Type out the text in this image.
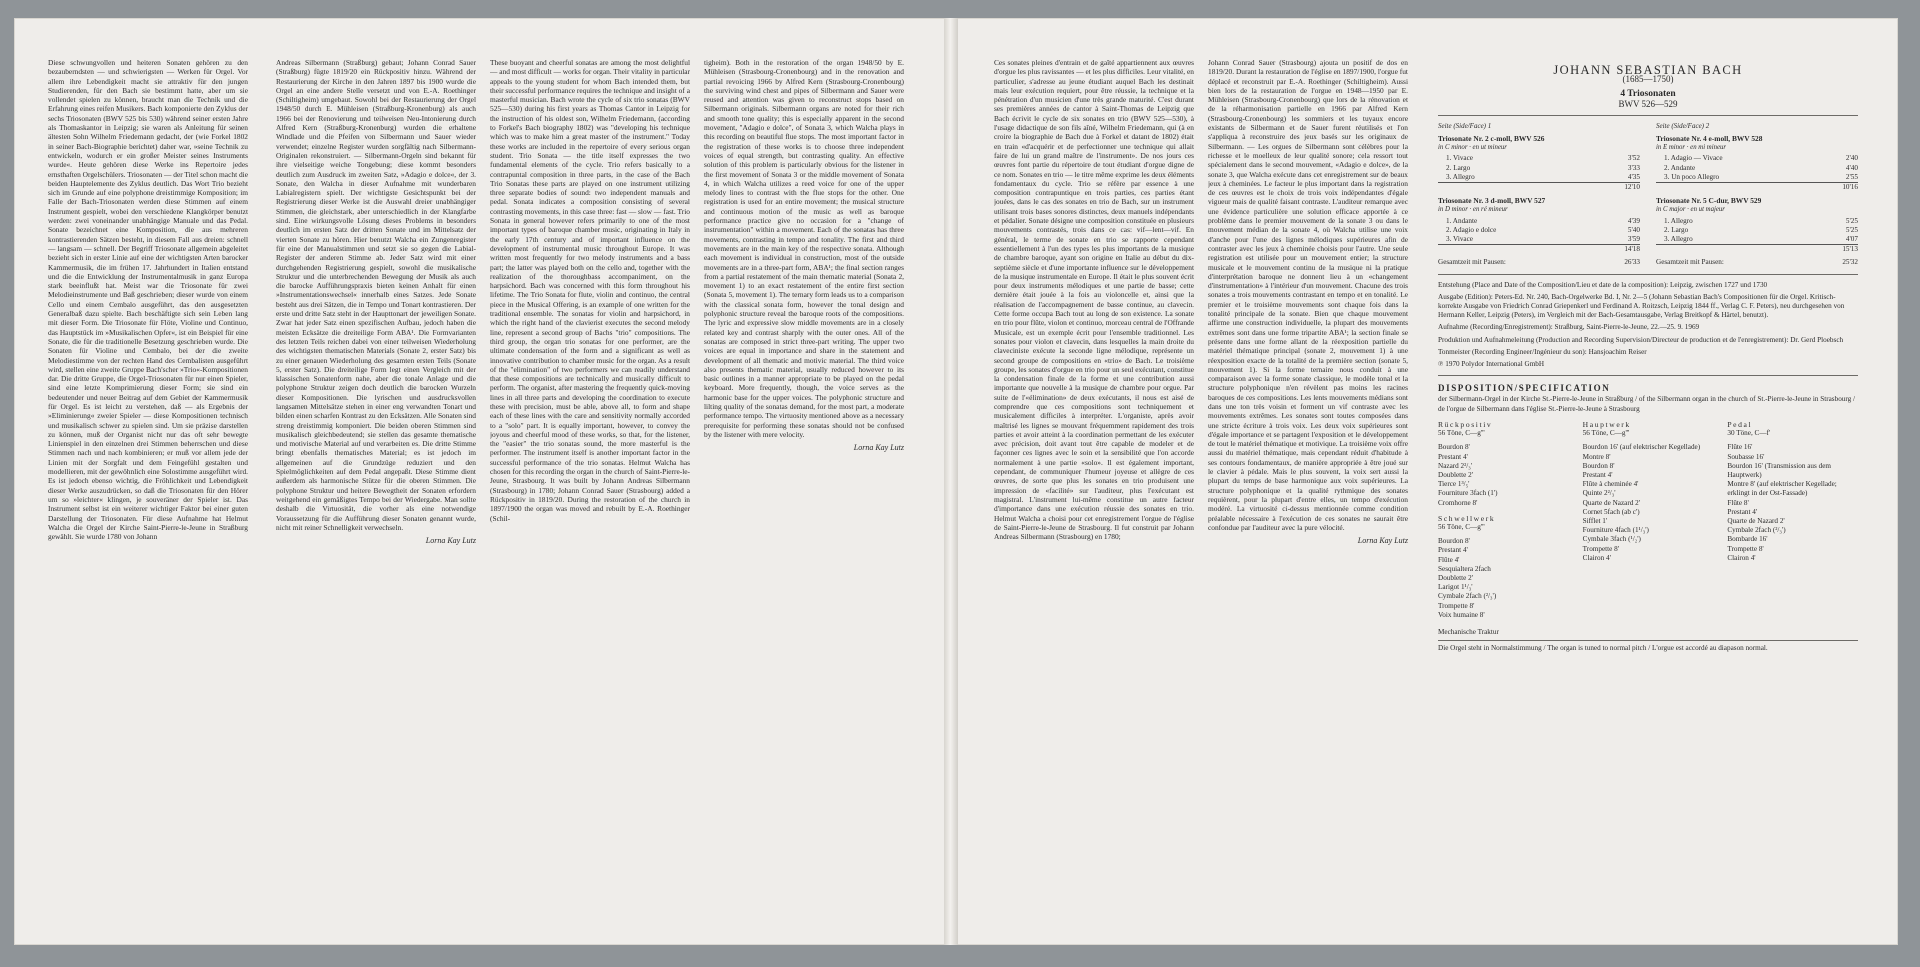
Diese schwungvollen und heiteren Sonaten gehören zu den bezauberndsten — und schwierigsten — Werken für Orgel. Vor allem ihre Lebendigkeit macht sie attraktiv für den jungen Studierenden, für den Bach sie bestimmt hatte, aber um sie vollendet spielen zu können, braucht man die Technik und die Erfahrung eines reifen Musikers. Bach komponierte den Zyklus der sechs Triosonaten (BWV 525 bis 530) während seiner ersten Jahre als Thomaskantor in Leipzig; sie waren als Anleitung für seinen ältesten Sohn Wilhelm Friedemann gedacht, der (wie Forkel 1802 in seiner Bach-Biographie berichtet) daher war, »seine Technik zu entwickeln, wodurch er ein großer Meister seines Instruments wurde«. Heute gehören diese Werke ins Repertoire jedes ernsthaften Orgelschülers. Triosonaten — der Titel schon macht die beiden Hauptelemente des Zyklus deutlich. Das Wort Trio bezieht sich im Grunde auf eine polyphone dreistimmige Komposition; im Falle der Bach-Triosonaten werden diese Stimmen auf einem Instrument gespielt, wobei den verschiedene Klangkörper benutzt werden: zwei voneinander unabhängige Manuale und das Pedal. Sonate bezeichnet eine Komposition, die aus mehreren kontrastierenden Sätzen besteht, in diesem Fall aus dreien: schnell — langsam — schnell. Der Begriff Triosonate allgemein abgeleitet bezieht sich in erster Linie auf eine der wichtigsten Arten barocker Kammermusik, die im frühen 17. Jahrhundert in Italien entstand und die die Entwicklung der Instrumentalmusik in ganz Europa stark beeinflußt hat. Meist war die Triosonate für zwei Melodieinstrumente und Baß geschrieben; dieser wurde von einem Cello und einem Cembalo ausgeführt, das den ausgesetzten Generalbaß dazu spielte. Bach beschäftigte sich sein Leben lang mit dieser Form. Die Triosonate für Flöte, Violine und Continuo, das Hauptstück im »Musikalischen Opfer«, ist ein Beispiel für eine Sonate, die für die traditionelle Besetzung geschrieben wurde. Die Sonaten für Violine und Cembalo, bei der die zweite Melodiestimme von der rechten Hand des Cembalisten ausgeführt wird, stellen eine zweite Gruppe Bach'scher »Trio«-Kompositionen dar. Die dritte Gruppe, die Orgel-Triosonaten für nur einen Spieler, sind eine letzte Komprimierung dieser Form; sie sind ein bedeutender und neuer Beitrag auf dem Gebiet der Kammermusik für Orgel. Es ist leicht zu verstehen, daß — als Ergebnis der »Eliminierung« zweier Spieler — diese Kompositionen technisch und musikalisch schwer zu spielen sind. Um sie präzise darstellen zu können, muß der Organist nicht nur das oft sehr bewegte Linienspiel in den einzelnen drei Stimmen beherrschen und diese Stimmen nach und nach kombinieren; er muß vor allem jede der Linien mit der Sorgfalt und dem Feingefühl gestalten und modellieren, mit der gewöhnlich eine Solostimme ausgeführt wird. Es ist jedoch ebenso wichtig, die Fröhlichkeit und Lebendigkeit dieser Werke auszudrücken, so daß die Triosonaten für den Hörer um so »leichter« klingen, je souveräner der Spieler ist. Das Instrument selbst ist ein weiterer wichtiger Faktor bei einer guten Darstellung der Triosonaten. Für diese Aufnahme hat Helmut Walcha die Orgel der Kirche Saint-Pierre-le-Jeune in Straßburg gewählt. Sie wurde 1780 von Johann

Andreas Silbermann (Straßburg) gebaut; Johann Conrad Sauer (Straßburg) fügte 1819/20 ein Rückpositiv hinzu. Während der Restaurierung der Kirche in den Jahren 1897 bis 1900 wurde die Orgel an eine andere Stelle versetzt und von E.-A. Roethinger (Schiltigheim) umgebaut. Sowohl bei der Restaurierung der Orgel 1948/50 durch E. Mühleisen (Straßburg-Kronenburg) als auch 1966 bei der Renovierung und teilweisen Neu-Intonierung durch Alfred Kern (Straßburg-Kronenburg) wurden die erhaltene Windlade und die Pfeifen von Silbermann und Sauer wieder verwendet; einzelne Register wurden sorgfältig nach Silbermann-Originalen rekonstruiert. — Silbermann-Orgeln sind bekannt für ihre vielseitige weiche Tongebung; diese kommt besonders deutlich zum Ausdruck im zweiten Satz, »Adagio e dolce«, der 3. Sonate, den Walcha in dieser Aufnahme mit wunderbaren Labialregistern spielt. Der wichtigste Gesichtspunkt bei der Registrierung dieser Werke ist die Auswahl dreier unabhängiger Stimmen, die gleichstark, aber unterschiedlich in der Klangfarbe sind. Eine wirkungsvolle Lösung dieses Problems in besonders deutlich im ersten Satz der dritten Sonate und im Mittelsatz der vierten Sonate zu hören. Hier benutzt Walcha ein Zungenregister für eine der Manualstimmen und setzt sie so gegen die Labial-Register der anderen Stimme ab. Jeder Satz wird mit einer durchgehenden Registrierung gespielt, sowohl die musikalische Struktur und die unterbrechenden Bewegung der Musik als auch die barocke Aufführungspraxis bieten keinen Anhalt für einen »Instrumentationswechsel« innerhalb eines Satzes. Jede Sonate besteht aus drei Sätzen, die in Tempo und Tonart kontrastieren. Der erste und dritte Satz steht in der Haupttonart der jeweiligen Sonate. Zwar hat jeder Satz einen spezifischen Aufbau, jedoch haben die meisten Ecksätze die dreiteilige Form ABA¹. Die Formvarianten des letzten Teils reichen dabei von einer teilweisen Wiederholung des wichtigsten thematischen Materials (Sonate 2, erster Satz) bis zu einer genauen Wiederholung des gesamten ersten Teils (Sonate 5, erster Satz). Die dreiteilige Form legt einen Vergleich mit der klassischen Sonatenform nahe, aber die tonale Anlage und die polyphone Struktur zeigen doch deutlich die barocken Wurzeln dieser Kompositionen. Die lyrischen und ausdrucksvollen langsamen Mittelsätze stehen in einer eng verwandten Tonart und bilden einen scharfen Kontrast zu den Ecksätzen. Alle Sonaten sind streng dreistimmig komponiert. Die beiden oberen Stimmen sind musikalisch gleichbedeutend; sie stellen das gesamte thematische und motivische Material auf und verarbeiten es. Die dritte Stimme bringt ebenfalls thematisches Material; es ist jedoch im allgemeinen auf die Grundzüge reduziert und den Spielmöglichkeiten auf dem Pedal angepaßt. Diese Stimme dient außerdem als harmonische Stütze für die oberen Stimmen. Die polyphone Struktur und heitere Bewegtheit der Sonaten erfordern weitgehend ein gemäßigtes Tempo bei der Wiedergabe. Man sollte deshalb die Virtuosität, die vorher als eine notwendige Voraussetzung für die Aufführung dieser Sonaten genannt wurde, nicht mit reiner Schnelligkeit verwechseln.

Lorna Kay Lutz

These buoyant and cheerful sonatas are among the most delightful — and most difficult — works for organ. Their vitality in particular appeals to the young student for whom Bach intended them, but their successful performance requires the technique and insight of a masterful musician. Bach wrote the cycle of six trio sonatas (BWV 525—530) during his first years as Thomas Cantor in Leipzig for the instruction of his oldest son, Wilhelm Friedemann, (according to Forkel's Bach biography 1802) was "developing his technique which was to make him a great master of the instrument." Today these works are included in the repertoire of every serious organ student. Trio Sonata — the title itself expresses the two fundamental elements of the cycle. Trio refers basically to a contrapuntal composition in three parts, in the case of the Bach Trio Sonatas these parts are played on one instrument utilizing three separate bodies of sound: two independent manuals and pedal. Sonata indicates a composition consisting of several contrasting movements, in this case three: fast — slow — fast. Trio Sonata in general however refers primarily to one of the most important types of baroque chamber music, originating in Italy in the early 17th century and of important influence on the development of instrumental music throughout Europe. It was written most frequently for two melody instruments and a bass part; the latter was played both on the cello and, together with the realization of the thoroughbass accompaniment, on the harpsichord. Bach was concerned with this form throughout his lifetime. The Trio Sonata for flute, violin and continuo, the central piece in the Musical Offering, is an example of one written for the traditional ensemble. The sonatas for violin and harpsichord, in which the right hand of the clavierist executes the second melody line, represent a second group of Bachs "trio" compositions. The third group, the organ trio sonatas for one performer, are the ultimate condensation of the form and a significant as well as innovative contribution to chamber music for the organ. As a result of the "elimination" of two performers we can readily understand that these compositions are technically and musically difficult to perform. The organist, after mastering the frequently quick-moving lines in all three parts and developing the coordination to execute these with precision, must be able, above all, to form and shape each of these lines with the care and sensitivity normally accorded to a "solo" part. It is equally important, however, to convey the joyous and cheerful mood of these works, so that, for the listener, the "easier" the trio sonatas sound, the more masterful is the performer. The instrument itself is another important factor in the successful performance of the trio sonatas. Helmut Walcha has chosen for this recording the organ in the church of Saint-Pierre-le-Jeune, Strasbourg. It was built by Johann Andreas Silbermann (Strasbourg) in 1780; Johann Conrad Sauer (Strasbourg) added a Rückpositiv in 1819/20. During the restoration of the church in 1897/1900 the organ was moved and rebuilt by E.-A. Roethinger (Schil-

tigheim). Both in the restoration of the organ 1948/50 by E. Mühleisen (Strasbourg-Cronenbourg) and in the renovation and partial revoicing 1966 by Alfred Kern (Strasbourg-Cronenbourg) the surviving wind chest and pipes of Silbermann and Sauer were reused and attention was given to reconstruct stops based on Silbermann originals. Silbermann organs are noted for their rich and smooth tone quality; this is especially apparent in the second movement, "Adagio e dolce", of Sonata 3, which Walcha plays in this recording on beautiful flue stops. The most important factor in the registration of these works is to choose three independent voices of equal strength, but contrasting quality. An effective solution of this problem is particularly obvious for the listener in the first movement of Sonata 3 or the middle movement of Sonata 4, in which Walcha utilizes a reed voice for one of the upper melody lines to contrast with the flue stops for the other. One registration is used for an entire movement; the musical structure and continuous motion of the music as well as baroque performance practice give no occasion for a "change of instrumentation" within a movement. Each of the sonatas has three movements, contrasting in tempo and tonality. The first and third movements are in the main key of the respective sonata. Although each movement is individual in construction, most of the outside movements are in a three-part form, ABA¹; the final section ranges from a partial restatement of the main thematic material (Sonata 2, movement 1) to an exact restatement of the entire first section (Sonata 5, movement 1). The ternary form leads us to a comparison with the classical sonata form, however the tonal design and polyphonic structure reveal the baroque roots of the compositions. The lyric and expressive slow middle movements are in a closely related key and contrast sharply with the outer ones. All of the sonatas are composed in strict three-part writing. The upper two voices are equal in importance and share in the statement and development of all thematic and motivic material. The third voice also presents thematic material, usually reduced however to its basic outlines in a manner appropriate to be played on the pedal keyboard. More frequently, though, the voice serves as the harmonic base for the upper voices. The polyphonic structure and lilting quality of the sonatas demand, for the most part, a moderate performance tempo. The virtuosity mentioned above as a necessary prerequisite for performing these sonatas should not be confused by the listener with mere velocity.

Lorna Kay Lutz

Ces sonates pleines d'entrain et de gaîté appartiennent aux œuvres d'orgue les plus ravissantes — et les plus difficiles. Leur vitalité, en particulier, s'adresse au jeune étudiant auquel Bach les destinait mais leur exécution requiert, pour être réussie, la technique et la pénétration d'un musicien d'une très grande maturité. C'est durant ses premières années de cantor à Saint-Thomas de Leipzig que Bach écrivit le cycle de six sonates en trio (BWV 525—530), à l'usage didactique de son fils aîné, Wilhelm Friedemann, qui (à en croire la biographie de Bach due à Forkel et datant de 1802) était en train «d'acquérir et de perfectionner une technique qui allait faire de lui un grand maître de l'instrument». De nos jours ces œuvres font partie du répertoire de tout étudiant d'orgue digne de ce nom. Sonates en trio — le titre même exprime les deux éléments fondamentaux du cycle. Trio se réfère par essence à une composition contrapuntique en trois parties, ces parties étant jouées, dans le cas des sonates en trio de Bach, sur un instrument utilisant trois bases sonores distinctes, deux manuels indépendants et pédalier. Sonate désigne une composition constituée en plusieurs mouvements contrastés, trois dans ce cas: vif—lent—vif. En général, le terme de sonate en trio se rapporte cependant essentiellement à l'un des types les plus importants de la musique de chambre baroque, ayant son origine en Italie au début du dix-septième siècle et d'une importante influence sur le développement de la musique instrumentale en Europe. Il était le plus souvent écrit pour deux instruments mélodiques et une partie de basse; cette dernière était jouée à la fois au violoncelle et, ainsi que la réalisation de l'accompagnement de basse continue, au clavecin. Cette forme occupa Bach tout au long de son existence. La sonate en trio pour flûte, violon et continuo, morceau central de l'Offrande Musicale, est un exemple écrit pour l'ensemble traditionnel. Les sonates pour violon et clavecin, dans lesquelles la main droite du claveciniste exécute la seconde ligne mélodique, représente un second groupe de compositions en «trio» de Bach. Le troisième groupe, les sonates d'orgue en trio pour un seul exécutant, constitue la condensation finale de la forme et une contribution aussi importante que nouvelle à la musique de chambre pour orgue. Par suite de l'«élimination» de deux exécutants, il nous est aisé de comprendre que ces compositions sont techniquement et musicalement difficiles à interpréter. L'organiste, après avoir maîtrisé les lignes se mouvant fréquemment rapidement des trois parties et avoir atteint à la coordination permettant de les exécuter avec précision, doit avant tout être capable de modeler et de façonner ces lignes avec le soin et la sensibilité que l'on accorde normalement à une partie «solo». Il est également important, cependant, de communiquer l'humeur joyeuse et allègre de ces œuvres, de sorte que plus les sonates en trio produisent une impression de «facilité» sur l'auditeur, plus l'exécutant est magistral. L'instrument lui-même constitue un autre facteur d'importance dans une exécution réussie des sonates en trio. Helmut Walcha a choisi pour cet enregistrement l'orgue de l'église de Saint-Pierre-le-Jeune de Strasbourg. Il fut construit par Johann Andreas Silbermann (Strasbourg) en 1780;

Johann Conrad Sauer (Strasbourg) ajouta un positif de dos en 1819/20. Durant la restauration de l'église en 1897/1900, l'orgue fut déplacé et reconstruit par E.-A. Roethinger (Schiltigheim). Aussi bien lors de la restauration de l'orgue en 1948—1950 par E. Mühleisen (Strasbourg-Cronenbourg) que lors de la rénovation et de la réharmonisation partielle en 1966 par Alfred Kern (Strasbourg-Cronenbourg) les sommiers et les tuyaux encore existants de Silbermann et de Sauer furent réutilisés et l'on s'appliqua à reconstruire des jeux basés sur les originaux de Silbermann. — Les orgues de Silbermann sont célèbres pour la richesse et le moelleux de leur qualité sonore; cela ressort tout spécialement dans le second mouvement, «Adagio e dolce», de la sonate 3, que Walcha exécute dans cet enregistrement sur de beaux jeux à cheminées. Le facteur le plus important dans la registration de ces œuvres est le choix de trois voix indépendantes d'égale vigueur mais de qualité faisant contraste. L'auditeur remarque avec une évidence particulière une solution efficace apportée à ce problème dans le premier mouvement de la sonate 3 ou dans le mouvement médian de la sonate 4, où Walcha utilise une voix d'anche pour l'une des lignes mélodiques supérieures afin de contraster avec les jeux à cheminée choisis pour l'autre. Une seule registration est utilisée pour un mouvement entier; la structure musicale et le mouvement continu de la musique ni la pratique d'interprétation baroque ne donnent lieu à un «changement d'instrumentation» à l'intérieur d'un mouvement. Chacune des trois sonates a trois mouvements contrastant en tempo et en tonalité. Le premier et le troisième mouvements sont chaque fois dans la tonalité principale de la sonate. Bien que chaque mouvement affirme une construction individuelle, la plupart des mouvements extrêmes sont dans une forme tripartite ABA¹; la section finale se présente dans une forme allant de la réexposition partielle du matériel thématique principal (sonate 2, mouvement 1) à une réexposition exacte de la totalité de la première section (sonate 5, mouvement 1). Si la forme ternaire nous conduit à une comparaison avec la forme sonate classique, le modèle tonal et la structure polyphonique n'en révèlent pas moins les racines baroques de ces compositions. Les lents mouvements médians sont dans une ton très voisin et forment un vif contraste avec les mouvements extrêmes. Les sonates sont toutes composées dans une stricte écriture à trois voix. Les deux voix supérieures sont d'égale importance et se partagent l'exposition et le développement de tout le matériel thématique et motivique. La troisième voix offre aussi du matériel thématique, mais cependant réduit d'habitude à ses contours fondamentaux, de manière appropriée à être joué sur le clavier à pédale. Mais le plus souvent, la voix sert aussi la plupart du temps de base harmonique aux voix supérieures. La structure polyphonique et la qualité rythmique des sonates requièrent, pour la plupart d'entre elles, un tempo d'exécution modéré. La virtuosité ci-dessus mentionnée comme condition préalable nécessaire à l'exécution de ces sonates ne saurait être confondue par l'auditeur avec la pure vélocité.

Lorna Kay Lutz
JOHANN SEBASTIAN BACH
(1685—1750)
4 Triosonaten
BWV 526—529
Seite (Side/Face) 1
Triosonate Nr. 2 c-moll, BWV 526
in C minor · en ut mineur
1. Vivace	3'52
2. Largo	3'33
3. Allegro	4'35
12'10
Triosonate Nr. 3 d-moll, BWV 527
in D minor · en ré mineur
1. Andante	4'39
2. Adagio e dolce	5'40
3. Vivace	3'59
14'18
Gesamtzeit mit Pausen:	26'33
Seite (Side/Face) 2
Triosonate Nr. 4 e-moll, BWV 528
in E minor · en mi mineur
1. Adagio — Vivace	2'40
2. Andante	4'40
3. Un poco Allegro	2'55
10'16
Triosonate Nr. 5 C-dur, BWV 529
in C major · en ut majeur
1. Allegro	5'25
2. Largo	5'25
3. Allegro	4'07
15'13
Gesamtzeit mit Pausen:	25'32

Entstehung (Place and Date of the Composition/Lieu et date de la composition): Leipzig, zwischen 1727 und 1730

Ausgabe (Edition): Peters-Ed. Nr. 240, Bach-Orgelwerke Bd. I, Nr. 2—5 (Johann Sebastian Bach's Compositionen für die Orgel. Kritisch-korrekte Ausgabe von Friedrich Conrad Griepenkerl und Ferdinand A. Roitzsch, Leipzig 1844 ff., Verlag C. F. Peters), neu durchgesehen von Hermann Keller, Leipzig (Peters), im Vergleich mit der Bach-Gesamtausgabe, Verlag Breitkopf & Härtel, benutzt).

Aufnahme (Recording/Enregistrement): Straßburg, Saint-Pierre-le-Jeune, 22.—25. 9. 1969

Produktion und Aufnahmeleitung (Production and Recording Supervision/Directeur de production et de l'enregistrement): Dr. Gerd Ploebsch

Tonmeister (Recording Engineer/Ingénieur du son): Hansjoachim Reiser

℗ 1970 Polydor International GmbH

DISPOSITION/SPECIFICATION
der Silbermann-Orgel in der Kirche St.-Pierre-le-Jeune in Straßburg / of the Silbermann organ in the church of St.-Pierre-le-Jeune in Strasbourg / de l'orgue de Silbermann dans l'église St.-Pierre-le-Jeune à Strasbourg
Rückpositiv
56 Töne, C—g'''
Bourdon 8'
Prestant 4'
Nazard 2²/₃'
Doublette 2'
Tierce 1³/₅'
Fourniture 3fach (1')
Cromhorne 8'
Schwellwerk
56 Töne, C—g'''
Bourdon 8'
Prestant 4'
Flûte 4'
Sesquialtera 2fach
Doublette 2'
Larigot 1¹/₃'
Cymbale 2fach (²/₃')
Trompette 8'
Voix humaine 8'
Hauptwerk
56 Töne, C—g'''
Bourdon 16' (auf elektrischer Kegellade)
Montre 8'
Bourdon 8'
Prestant 4'
Flûte à cheminée 4'
Quinte 2²/₃'
Quarte de Nazard 2'
Cornet 5fach (ab c')
Sifflet 1'
Fourniture 4fach (1¹/₃')
Cymbale 3fach (¹/₂')
Trompette 8'
Clairon 4'
Pedal
30 Töne, C—f'
Flûte 16'
Soubasse 16'
Bourdon 16' (Transmission aus dem Hauptwerk)
Montre 8' (auf elektrischer Kegellade; erklingt in der Ost-Fassade)
Flûte 8'
Prestant 4'
Quarte de Nazard 2'
Cymbale 2fach (²/₃')
Bombarde 16'
Trompette 8'
Clairon 4'
Mechanische Traktur
Die Orgel steht in Normalstimmung / The organ is tuned to normal pitch / L'orgue est accordé au diapason normal.
